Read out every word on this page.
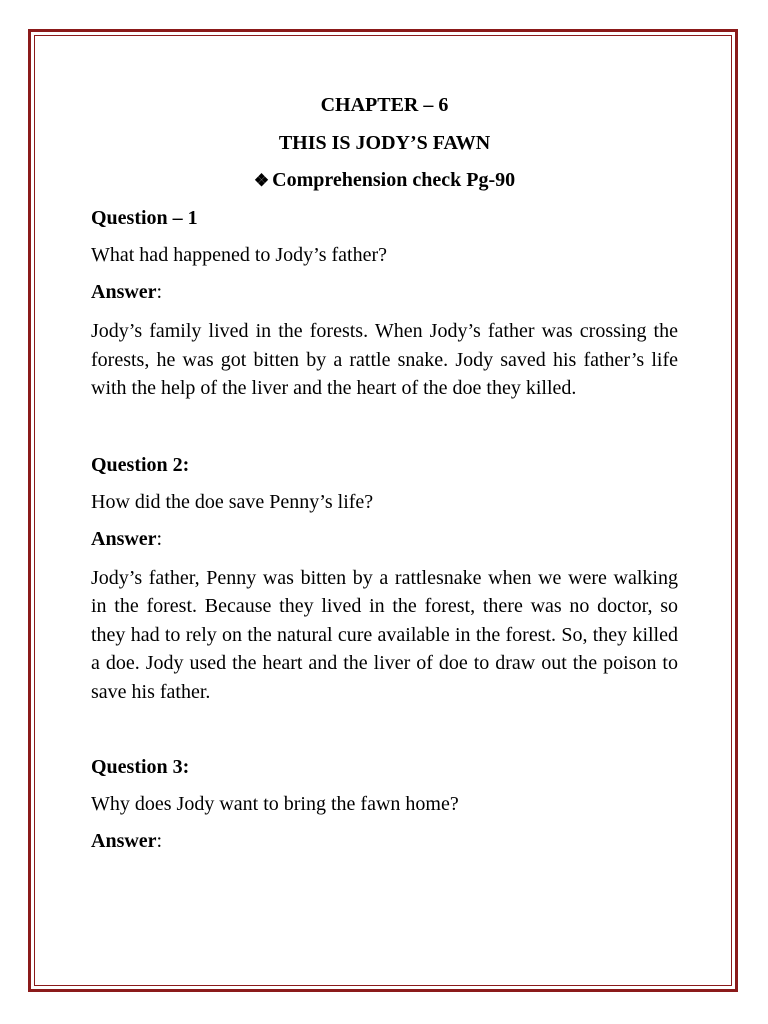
CHAPTER – 6
THIS IS JODY’S FAWN
❖ Comprehension check Pg-90
Question – 1
What had happened to Jody’s father?
Answer:
Jody’s family lived in the forests. When Jody’s father was crossing the forests, he was got bitten by a rattle snake. Jody saved his father’s life with the help of the liver and the heart of the doe they killed.
Question 2:
How did the doe save Penny’s life?
Answer:
Jody’s father, Penny was bitten by a rattlesnake when we were walking in the forest. Because they lived in the forest, there was no doctor, so they had to rely on the natural cure available in the forest. So, they killed a doe. Jody used the heart and the liver of doe to draw out the poison to save his father.
Question 3:
Why does Jody want to bring the fawn home?
Answer:
